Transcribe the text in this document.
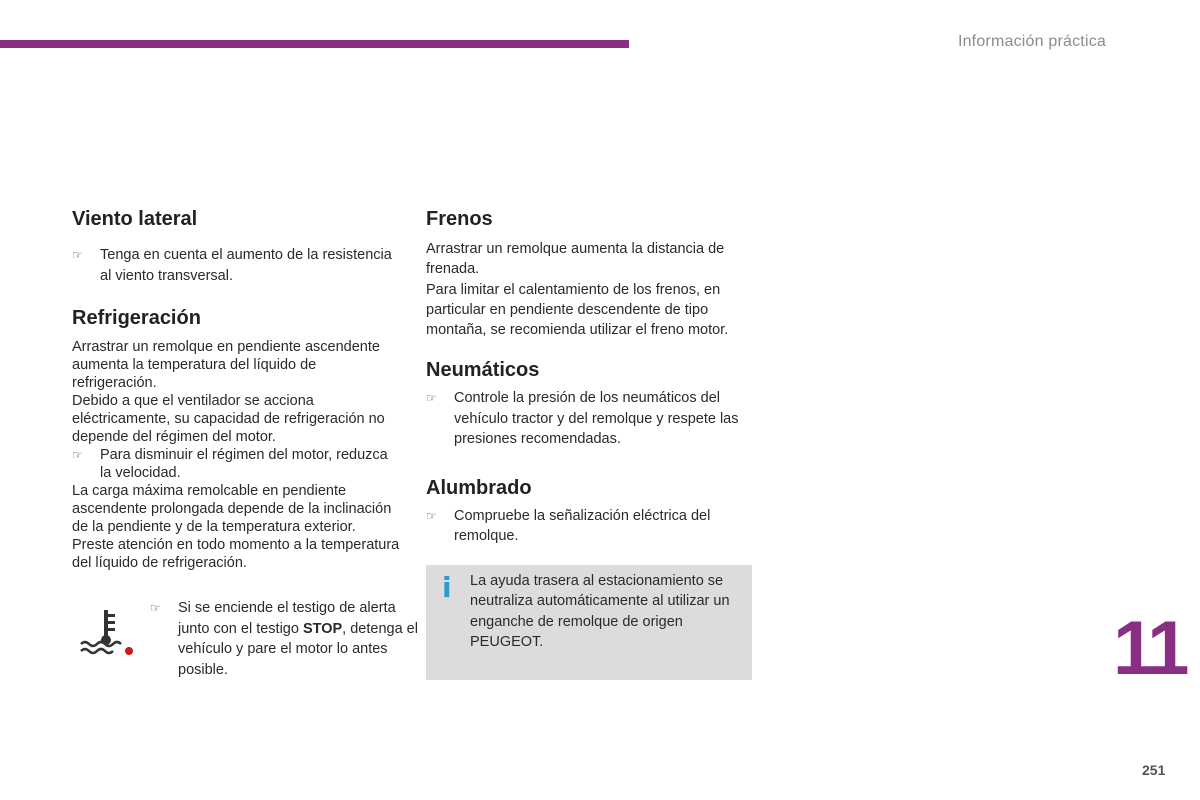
Información práctica
Viento lateral
☞ Tenga en cuenta el aumento de la resistencia al viento transversal.
Refrigeración

Arrastrar un remolque en pendiente ascendente aumenta la temperatura del líquido de refrigeración.

Debido a que el ventilador se acciona eléctricamente, su capacidad de refrigeración no depende del régimen del motor.

☞ Para disminuir el régimen del motor, reduzca la velocidad.

La carga máxima remolcable en pendiente ascendente prolongada depende de la inclinación de la pendiente y de la temperatura exterior.

Preste atención en todo momento a la temperatura del líquido de refrigeración.

☞ Si se enciende el testigo de alerta junto con el testigo STOP, detenga el vehículo y pare el motor lo antes posible.
Frenos

Arrastrar un remolque aumenta la distancia de frenada.

Para limitar el calentamiento de los frenos, en particular en pendiente descendente de tipo montaña, se recomienda utilizar el freno motor.

Neumáticos
☞ Controle la presión de los neumáticos del vehículo tractor y del remolque y respete las presiones recomendadas.
Alumbrado
☞ Compruebe la señalización eléctrica del remolque.
i La ayuda trasera al estacionamiento se neutraliza automáticamente al utilizar un enganche de remolque de origen PEUGEOT.	11
251
